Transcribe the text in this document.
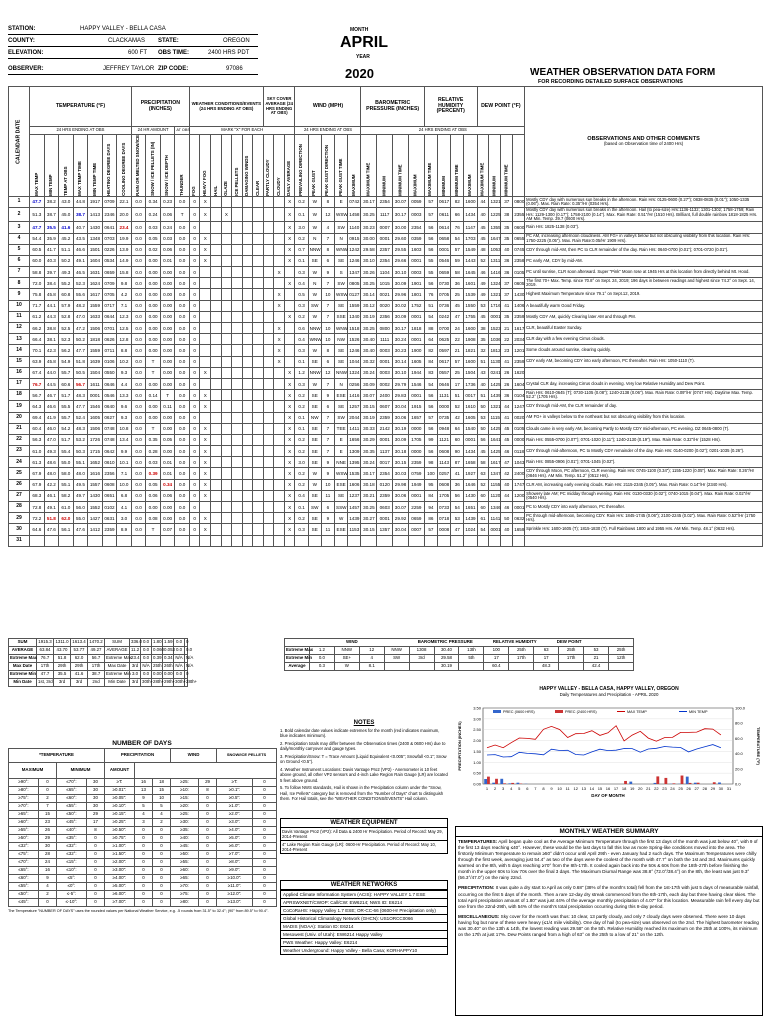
STATION:	HAPPY VALLEY - BELLA CASA
COUNTY:	CLACKAMAS STATE:	OREGON
ELEVATION:	600 FT OBS TIME:	2400 HRS PDT
OBSERVER:	JEFFREY TAYLOR ZIP CODE:	97086
MONTH
APRIL
YEAR
2020	WEATHER OBSERVATION DATA FORM
FOR RECORDING DETAILED SURFACE OBSERVATIONS
CALENDAR DATE	TEMPERATURE (°F)							PRECIPITATION (INCHES)				WEATHER CONDITIONS/EVENTS (24 HRS ENDING AT OBS)							SKY COVER AVERAGE (24 HRS ENDING AT OBS)			WIND (MPH)					BAROMETRIC PRESSURE (INCHES)				RELATIVE HUMIDITY (PERCENT)				DEW POINT (°F)				OBSERVATIONS AND OTHER COMMENTS
(based on Observation time of 2400 Hrs)

	24 HRS ENDING AT OBS							24 HR AMOUNT			AT OBS	MARK "X" FOR EACH										24 HRS ENDING AT OBS					24 HRS ENDING AT OBS												
	MAX TEMP	MIN TEMP	TEMP AT OBS	MAX TEMP TIME	MIN TEMP TIME	HEATING DEGREE DAYS	COOLING DEGREE DAYS	RAIN OR MELTED SNOW/ICE	SNOW / ICE PELLETS (IN)	SNOW / ICE DEPTH	THUNDER	FOG	HEAVY FOG	HAIL	GLAZE	ICE PELLETS	DAMAGING WINDS	CLEAR	PARTLY CLOUDY	CLOUDY	DAILY AVERAGE	PREVAILING DIRECTION	PEAK GUST	PEAK GUST DIRECTION	PEAK GUST TIME	MAXIMUM	MAXIMUM TIME	MINIMUM	MINIMUM TIME	MAXIMUM	MAXIMUM TIME	MINIMUM	MINIMUM TIME	MAXIMUM	MAXIMUM TIME	MINIMUM	MINIMUM TIME		
1	47.7	38.2	43.0	44.8	1917	0709	22.1	0.0	0.34	0.23	0.0	0	X								X	0.2	W	8	E	0742	30.17	2354	30.07	0059	57	0617	82	1600	44	1321	37	0800	Mostly CDY day with numerous sun breaks in the afternoon. Rain Hrs: 0125-0600 (0.27"); 0838-0835 (0.01"); 1050-1335 (0.06"). Max. Rain Rate: 0.35"/Hr (0354 Hrs).
2	51.3	38.7	45.0	38.7	1413	2346	20.0	0.0	0.24	0.06	T	0	X		X						X	0.1	W	12	WSW	1458	30.25	1117	30.17	0003	57	0611	66	1434	40	1225	38	2355	Mostly CDY day with numerous sun breaks in the afternoon. Hail (to pea-size) Hrs:1136-1132; 1301-1302; 1758-1759; Rain Hrs: 1129-1300 (0.17"); 1758-2100 (0.14"). Max. Rain Rate: 0.51"/Hr (1510 Hrs). Brilliant, full double rainbow 1818-1825 Hrs. AM Min. Temp. 39.7 (0600 Hrs).
3	47.7	35.5	41.6	40.7	1430	0641	23.4	0.0	0.03	0.24	0.0	0									X	3.0	W	4	SW	1140	30.23	0007	30.00	2354	56	0614	76	1147	45	1355	35	0600	Rain Hrs: 1825-1138 (0.03").
4	54.4	35.9	45.2	43.5	1348	0703	19.9	0.0	0.05	0.03	0.0	0	X								X	0.2	N	7	N	0915	30.00	0001	29.60	0359	56	0658	54	1703	45	1647	35	0655	PC AM, increasing afternoon cloudiness. AM FG+ in valleys below but not obscuring visibility from this location. Rain Hrs: 1750-2225 (0.05"). Max. Rain Rate:0.05/Hr 1909 Hrs).
5	60.5	41.7	51.1	46.6	1501	0226	13.9	0.0	0.02	0.06	0.0	0	X								X	0.7	NNW	8	WNW	1242	29.58	2357	29.55	1603	56	0001	57	1549	48	1053	40	0745	CDY through mid-AM, then PC to CLR remainder of the day. Rain Hrs: 0640-0700 (0.01"); 0701-0720 (0.01").
6	60.0	40.3	50.2	49.1	1604	0534	14.9	0.0	0.00	0.01	0.0	0	X								X	0.1	SE	6	SE	1246	30.10	2354	29.66	0001	55	0546	59	1443	52	1311	36	2358	PC early AM, CDY by mid-AM.
7	58.8	39.7	49.3	46.5	1631	0659	15.8	0.0	0.00	0.00	0.0	0								X		0.3	W	9	S	1347	30.26	1104	30.10	0003	55	0659	58	1645	46	1416	36	0105	PC until sunrise, CLR soon afterward. Super "Pink" Moon rose at 1945 Hrs at this location from directly behind Mt. Hood.
8	72.0	38.4	55.2	52.3	1624	0709	9.8	0.0	0.00	0.00	0.0	0									X	0.4	N	7	SW	0805	30.25	1015	30.09	1901	56	0730	36	1601	49	1324	37	0605	The first 70+ Max. Temp. since 70.8° on Sept. 24, 2019; 196 days in between readings and highest since 74.2° on Sept. 14, 2019.
9	75.8	45.8	60.8	55.6	1617	0705	4.2	0.0	0.00	0.00	0.0	0								X		0.5	W	10	WSW	0127	30.14	0021	29.96	1801	76	0705	25	1539	49	1321	37	1430	Highest Maximum Temperature since 79.1° on Sept.12, 2019.
10	71.7	44.1	57.9	48.2	1559	0717	7.1	0.0	0.00	0.00	0.0	0								X		0.3	SW	7	SE	1559	30.12	0020	30.02	1752	51	0736	45	1550	53	1716	41	1406	A beautifully warm Good Friday.
11	61.2	44.3	52.8	47.0	1633	0644	12.3	0.0	0.00	0.00	0.0	0									X	0.2	W	7	SSE	1340	30.19	2356	30.09	0001	54	0242	47	1755	45	0001	35	2359	Mostly CDY AM, quickly Clearing later AM and through PM.
12	66.2	38.8	52.5	47.2	1506	0701	12.5	0.0	0.00	0.00	0.0	0								X		0.6	NNW	10	WNW	1518	30.25	0800	30.17	1818	88	0700	24	1600	38	1523	21	1617	CLR, beautiful Easter Sunday.
13	66.4	38.1	52.3	50.2	1818	0626	12.8	0.0	0.00	0.00	0.0	0								X		0.4	WNW	10	NW	1526	30.40	1111	30.24	0001	64	0625	22	1908	35	1036	22	2034	CLR day with a few evening Cirrus clouds.
14	70.1	42.3	56.2	47.7	1559	0711	8.8	0.0	0.00	0.00	0.0	0								X		0.3	W	8	SE	1246	30.40	0003	30.23	1900	82	0597	21	1821	32	1812	23	1201	Some clouds around sunrise, clearing quickly.
15	63.9	45.8	54.9	51.8	1639	0106	10.2	0.0	T	0.00	0.0	0								X		0.1	SE	6	SE	1044	30.32	0001	30.14	1605	84	0617	57	1600	51	1130	41	2359	CDY early AM, becoming CDY into early afternoon, PC thereafter. Rain Hrs: 1050-1110 (T).
16	67.4	44.0	55.7	50.5	1504	0550	9.3	0.0	T	0.00	0.0	0	X								X	1.2	NNW	12	NNW	1324	30.24	0003	30.10	1944	83	0557	25	1504	43	0241	26	1620	
17	76.7	44.5	60.6	56.7	1611	0646	4.4	0.0	0.00	0.00	0.0	0									X	0.3	W	7	N	0256	30.09	0002	29.79	1546	54	0646	17	1736	40	1425	26	1604	Crystal CLR day, increasing Cirrus clouds in evening. Very low Relative Humidity and Dew Point.
18	56.7	46.7	51.7	48.3	0001	0546	13.3	0.0	0.14	T	0.0	0	X								X	0.2	SE	9	ESE	1416	30.07	2400	29.83	0001	56	1131	51	0017	51	1439	36	0104	Rain Hrs: 0610-0645 (T); 0730-1105 (0.08"); 1240-2138 (0.06"). Max. Rain Rate: 0.09"/Hr (0747 Hrs). Daytime Max. Temp. 52.2° (1705 Hrs).
19	64.3	46.6	55.5	47.7	1546	0640	9.6	0.0	0.00	0.11	0.0	0	X								X	0.2	SE	6	SE	1257	30.15	0607	30.04	1915	56	0000	52	1610	50	1321	44	1247	CDY through mid-AM, the CLR remainder of day.
20	69.4	41.9	55.7	52.4	1605	0627	9.3	0.0	0.00	0.00	0.0	0									X	0.1	NW	7	SW	2044	30.19	2359	30.06	1657	57	0735	42	1605	53	1115	41	0020	AM FG+ in valleys below to the northeast but not obscuring visibility from this location.
21	60.4	46.0	54.2	48.3	1506	0748	10.8	0.0	T	0.00	0.0	0	X								X	0.1	SE	7	TEE	1411	30.33	2142	30.19	0000	56	0948	64	1540	50	1425	45	0105	Clouds came in very early AM, becoming Partly to Mostly CDY mid-afternoon, PC evening. DZ 0645-0800 (T).
22	56.3	47.0	51.7	53.2	1726	0748	13.4	0.0	0.35	0.05	0.0	0	X								X	0.2	SE	7	E	1656	30.29	0001	30.09	1705	99	1121	60	0001	56	1641	45	0000	Rain Hrs: 0555-0700 (0.07"); 0701-1020 (0.11"); 1240-2130 (0.19"). Max. Rain Rate: 0.32"/Hr (1528 Hrs).
23	61.0	49.3	55.4	50.3	1715	0642	9.9	0.0	0.28	0.00	0.0	0	X								X	0.2	SE	7	E	1309	30.35	1137	30.18	0000	56	0608	90	1434	45	1425	46	0118	CDY through mid-afternoon, PC to Mostly CDY remainder of the day. Rain Hrs: 0140-0200 (0.02"); 0201-1035 (0.26").
24	61.3	48.6	55.0	55.1	1652	0610	10.1	0.0	0.03	0.01	0.0	0	X								X	3.0	SE	9	NNE	1395	30.24	0017	30.15	2359	98	1143	87	1658	58	1617	47	1043	Rain Hrs: 0855-0906 (0.01"); 0701-1045 (0.02").
25	67.9	48.0	58.0	48.0	1616	2356	7.1	0.0	0.39	0.01	0.0	0	X								X	0.2	W	9	WSW	1535	30.17	2354	30.03	0759	100	0257	41	1927	63	1347	42	2400	CDY through Moon, PC afternoon, CLR evening. Rain Hrs: 0745-1100 (0.34"); 1155-1220 (0.05"). Max. Rain Rate: 0.26"/Hr (0846 Hrs). AM Min. Temp. 51.2° (0512 Hrs).
26	67.9	42.2	55.1	49.5	1557	0608	10.0	0.0	0.05	0.34	0.0	0	X								X	0.2	W	10	ESE	1606	30.18	0120	29.98	1949	95	0608	36	1646	52	1155	40	1747	CLR AM, increasing early evening clouds. Rain Hrs: 2115-2345 (0.05"). Max. Rain Rate: 0.14"/Hr (2340 Hrs).
27	68.3	46.1	58.2	49.7	1430	0651	6.8	0.0	0.06	0.06	0.0	0	X								X	0.4	SE	11	SE	1237	30.21	2359	30.06	0001	84	1705	56	1430	60	1120	44	1200	Showery late AM; PC midday through evening. Rain Hrs: 0130-0330 (0.02"); 0740-1015 (0.04"). Max. Rain Rate: 0.02"/Hr (0540 Hrs).
28	72.8	49.1	61.0	56.0	1552	0102	4.1	0.0	0.00	0.00	0.0	0									X	0.1	SW	6	SSW	1457	30.25	0603	30.07	2259	94	0733	54	1651	60	1346	46	0001	PC to Mostly CDY into early afternoon, PC thereafter.
29	72.2	51.8	62.0	55.0	1427	0631	3.0	0.0	0.08	0.00	0.0	0	X								X	0.2	SE	9	W	1439	30.27	0001	29.92	0659	86	0718	53	1439	61	1141	50	0632	PC through mid-afternoon, becoming CDY. Rain Hrs: 1845-1745 (0.06"); 2100-2245 (0.02"). Max. Rain Rate: 0.52"/Hr (1750 Hrs).
30	64.6	47.6	56.1	47.6	1412	2359	8.9	0.0	T	0.07	0.0	0	X								X	0.3	SE	11	ESE	1153	30.15	1357	30.04	0007	57	0008	47	1024	54	0001	40	1659	Sprinkle Hrs: 1600-1605 (T); 1815-1830 (T). Full Rainbows 1800 and 1955 Hrs. AM Min. Temp. 48.1° (0632 Hrs).
31																																							
SUM	1915.3	1311.0	1613.4	1470.2	SUM	336.0	0.0	1.80	1.59	0.0	0
AVERAGE	63.84	43.70	53.77	49.27	AVERAGE	11.2	0.0	0.060	0.053	0.0	0.0
Extreme Max	76.7	51.8	62.0	56.7	Extreme Max	23.4	0.0	0.39	0.34	N/A	N/A
Max Date	17th	29th	29th	17th	Max Date	3rd	N/A	25th	26th	N/A	N/A
Extreme Min	47.7	35.5	41.6	38.7	Extreme Min	3.0	0.0	0.00	0.00	0.0	0
Min Date	1st, 3rd	3rd	3rd	2nd	Min Date	3rd	30th+	28th+	29th+	30th+	28th+
WIND BAROMETRIC PRESSURE RELATIVE HUMIDITY DEW POINT													
Extreme Max	1.2	NNW	12	NNW	1308	30.40	13th	100	25th	63	25th	53	25th
Extreme Min	0.0	SE+	4	SW	3rd	29.58	5th	17	17th	17	17th	21	12th
Average	0.3	W	8.1			30.19		60.4		48.3		42.4	
NUMBER OF DAYS
*TEMPERATURE				PRECIPITATION			WIND		SNOW/ICE PELLETS	
MAXIMUM		MINIMUM		AMOUNT						
≥90°:	0	≤70°:	30	≥T:	16	18	≥25:	29	≥T:	0
≥80°:	0	≤65°:	30	≥0.01":	13	15	≥10:	8	≥0.1":	0
≥75°:	2	≤60°:	30	≥0.05":	9	10	≥15:	0	≥0.5":	0
≥70°:	7	≤55°:	30	≥0.10":	5	5	≥20:	0	≥1.0":	0
≥65°:	15	≤50°:	29	≥0.15":	4	4	≥25:	0	≥2.0":	0
≥60°:	23	≤45°:	17	≥0.25":	3	2	≥30:	0	≥3.0":	0
≥55°:	26	≤40°:	8	≥0.50":	0	0	≥35:	0	≥4.0":	0
≥50°:	29	≤35°:	0	≥0.75":	0	0	≥40:	0	≥5.0":	0
≤32°:	30	≤32°:	0	≥1.00":	0	0	≥45:	0	≥6.0":	0
≤75°:	28	≤32°:	0	≥1.50":	0	0	≥50:	0	≥7.0":	0
≤70°:	24	≤15°:	0	≥2.00":	0	0	≥55:	0	≥8.0":	0
≤65°:	16	≤10°:	0	≥3.00":	0	0	≥60:	0	≥9.0":	0
≤60°:	9	≤5°:	0	≥4.00":	0	0	≥65:	0	≥10.0":	0
≤55°:	4	≤0°:	0	≥5.00":	0	0	≥70:	0	≥11.0":	0
≤50°:	2	≤-5°:	0	≥6.00":	0	0	≥75:	0	≥12.0":	0
≤45°:	0	≤-10°:	0	≥7.00":	0	0	≥80:	0	≥13.0":	0
The Temperature "NUMBER OF DAYS" uses the rounded values per National Weather Service, e.g. .5 rounds from 31.5° to 32.4°; (90° from 89.5° to 90.4°.
NOTES
1. Bold calendar date values indicate extremes for the month (red indicates maximum, blue indicates minimum).
2. Precipitation totals may differ between the Observation times (2400 & 0600 Hrs) due to daily/monthly carryover and gauge types.
3. Precipitation/Snow: T = Trace Amount (Liquid Equivalent <0.005"; Snowfall <0.1"; Snow on Ground <0.5").
4. Weather Instrument Locations: Davis Vantage Pro2 (VP2) - Anemometer is 10 feet above ground, all other VP2 sensors and 4-inch Lake Region Rain Gauge (LR) are located 5 feet above ground.
5. To follow NWS standards, Hail is shown in the Precipitation column under the "Snow, Hail, Ice Pellets" category but is removed from the "Number of Days" chart to distinguish them. For Hail totals, see the "WEATHER CONDITIONS/EVENTS" Hail column.
WEATHER EQUIPMENT
Davis Vantage Pro2 (VP2): All Data & 2400 Hr Precipitation. Period of Record: May 29, 2014-Present
4" Lake Region Rain Gauge (LR): 0600-Hr Precipitation. Period of Record: May 10, 2014-Present
WEATHER NETWORKS
Applied Climate Information System (ACIS): HAPPY VALLEY 1.7 ESE
APRSWXNET/CWOP: Call/CW: EW6214; NWS ID: E6214
CoCoRaHS: Happy Valley 1.7 ESE; OR-CC-66 (0600-Hr Precipitation only)
Global Historical Climatology Network (GHCN): US1ORCC0066
MADIS (NOAA): Station ID: E6214
Mesowest (Univ. of Utah): EW6214 Happy Valley
PWS Weather: Happy Valley: E6214
Weather Underground: Happy Valley - Bella Casa; KORHAPPY10
HAPPY VALLEY - BELLA CASA, HAPPY VALLEY, OREGON
Daily Temperatures and Precipitation - APRIL 2020
3.50
3.00
2.50
2.00
1.50
1.00
0.50
0.00
100.0
80.0
60.0
40.0
20.0
0.0
1 2 3 4 5 6 7 8 9 10 11 12 13 14 15 16 17 18 19 20 21 22 23 24 25 26 27 28 29 30 31
DAY OF MONTH
PRECIPITATION (INCHES)	TEMPERATURE (°F)
PREC (0600 HRS)	PREC (2400 HRS)	MAX TEMP	MIN TEMP
MONTHLY WEATHER SUMMARY
TEMPERATURES: April began quite cool as the Average Minimum Temperature through the first 13 days of the month was just below 40°, with 9 of the first 13 days reaching ≤40°. However, these would be the last days to fall this low as more Spring-like conditions moved into the area. The firstonly Minimum Temperature to remain ≥50° didn't occur until April 29th - even January had 2 such days. The Maximum Temperatures were chilly through the first week, averaging just 54.4° as two of the days were the coolest of the month with 47.7° on both the 1st and 3rd. Maximums quickly warmed on the 8th, with 5 days reaching ≥70° from the 8th-17th. It cooled again back into the 50s & 60s from the 18th-27th before finishing the month in the upper 60s to low 70s over the final 3 days. The Maximum Diurnal Range was 38.8° (72.0°/38.4°) on the 8th, the least was just 9.3° (56.3°/47.0°) on the rainy 22nd.
PRECIPITATION: It was quite a dry start to April as only 0.68" (38% of the month's total) fell from the 1st-17th with just 5 days of measurable rainfall, occurring on the first 5 days of the month. Then a rare 12-day dry streak commenced from the 6th-17th, each day but three having clear skies. The total April precipitation amount of 1.80" was just 44% of the average monthly precipitation of 4.07" for this location. Measurable rain fell every day but one from the 22nd-29th, with 54% of the month's total precipitation occurring during this 8-day period.
MISCELLANEOUS: Sky cover for the month was thus: 10 clear, 13 partly cloudy, and only 7 cloudy days were observed. There were 10 days having fog but none of these were heavy (≤1/4 mile visibility). One day of hail (to pea-size) was observed on the 2nd. The highest barometer reading was 30.40" on the 13th & 14th, the lowest reading was 29.58" on the 5th. Relative Humidity reached its maximum on the 25th at 100%, its minimum on the 17th at just 17%. Dew Points ranged from a high of 63° on the 25th to a low of 21° on the 12th.
